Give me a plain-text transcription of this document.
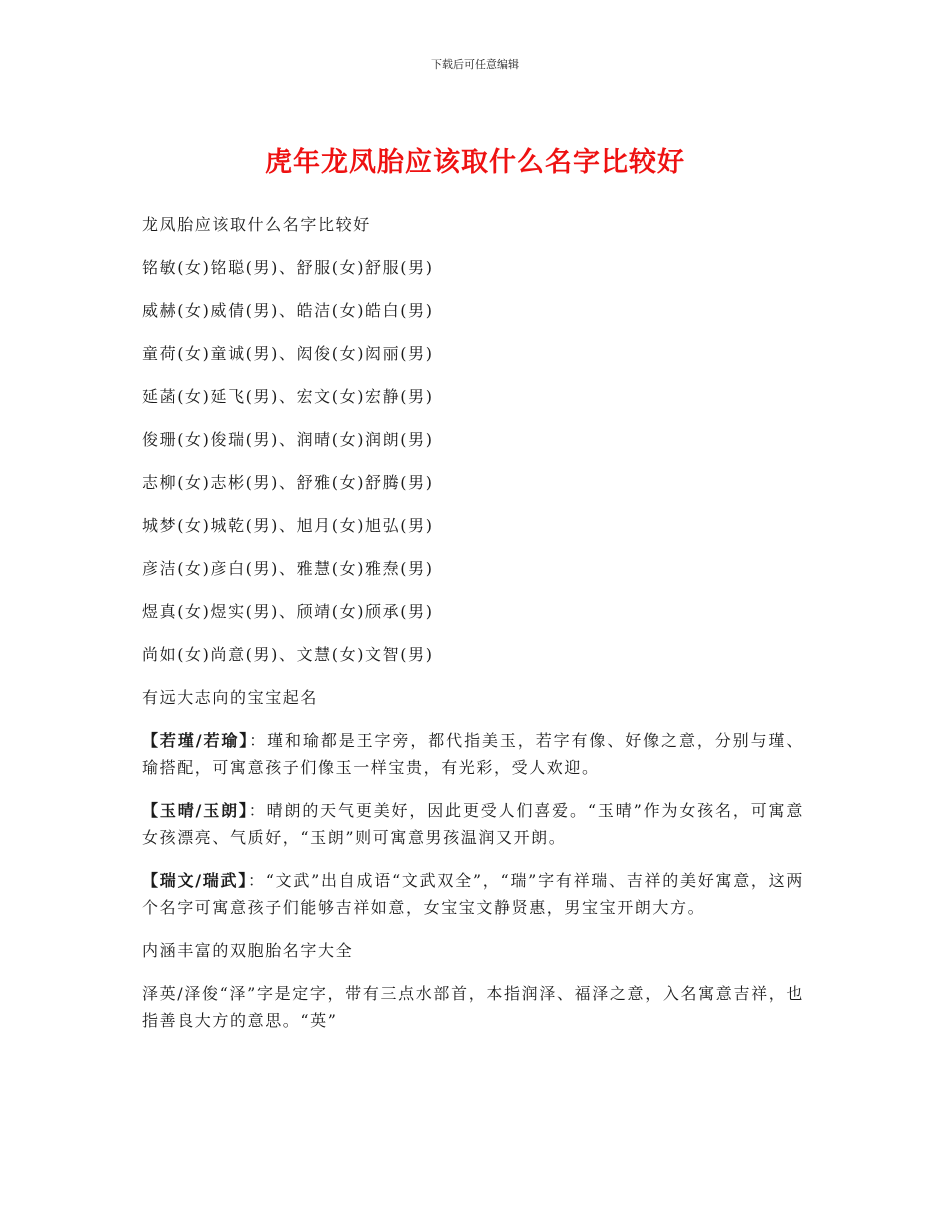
下载后可任意编辑
虎年龙凤胎应该取什么名字比较好

龙凤胎应该取什么名字比较好

铭敏(女)铭聪(男)、舒服(女)舒服(男)

威赫(女)威倩(男)、皓洁(女)皓白(男)

童荷(女)童诚(男)、闳俊(女)闳丽(男)

延菡(女)延飞(男)、宏文(女)宏静(男)

俊珊(女)俊瑞(男)、润晴(女)润朗(男)

志柳(女)志彬(男)、舒雅(女)舒腾(男)

城梦(女)城乾(男)、旭月(女)旭弘(男)

彦洁(女)彦白(男)、雅慧(女)雅焘(男)

煜真(女)煜实(男)、颀靖(女)颀承(男)

尚如(女)尚意(男)、文慧(女)文智(男)

有远大志向的宝宝起名

【若瑾/若瑜】：瑾和瑜都是王字旁，都代指美玉，若字有像、好像之意，分别与瑾、瑜搭配，可寓意孩子们像玉一样宝贵，有光彩，受人欢迎。

【玉晴/玉朗】：晴朗的天气更美好，因此更受人们喜爱。“玉晴”作为女孩名，可寓意女孩漂亮、气质好，“玉朗”则可寓意男孩温润又开朗。

【瑞文/瑞武】：“文武”出自成语“文武双全”，“瑞”字有祥瑞、吉祥的美好寓意，这两个名字可寓意孩子们能够吉祥如意，女宝宝文静贤惠，男宝宝开朗大方。

内涵丰富的双胞胎名字大全

泽英/泽俊“泽”字是定字，带有三点水部首，本指润泽、福泽之意，入名寓意吉祥，也指善良大方的意思。“英”
